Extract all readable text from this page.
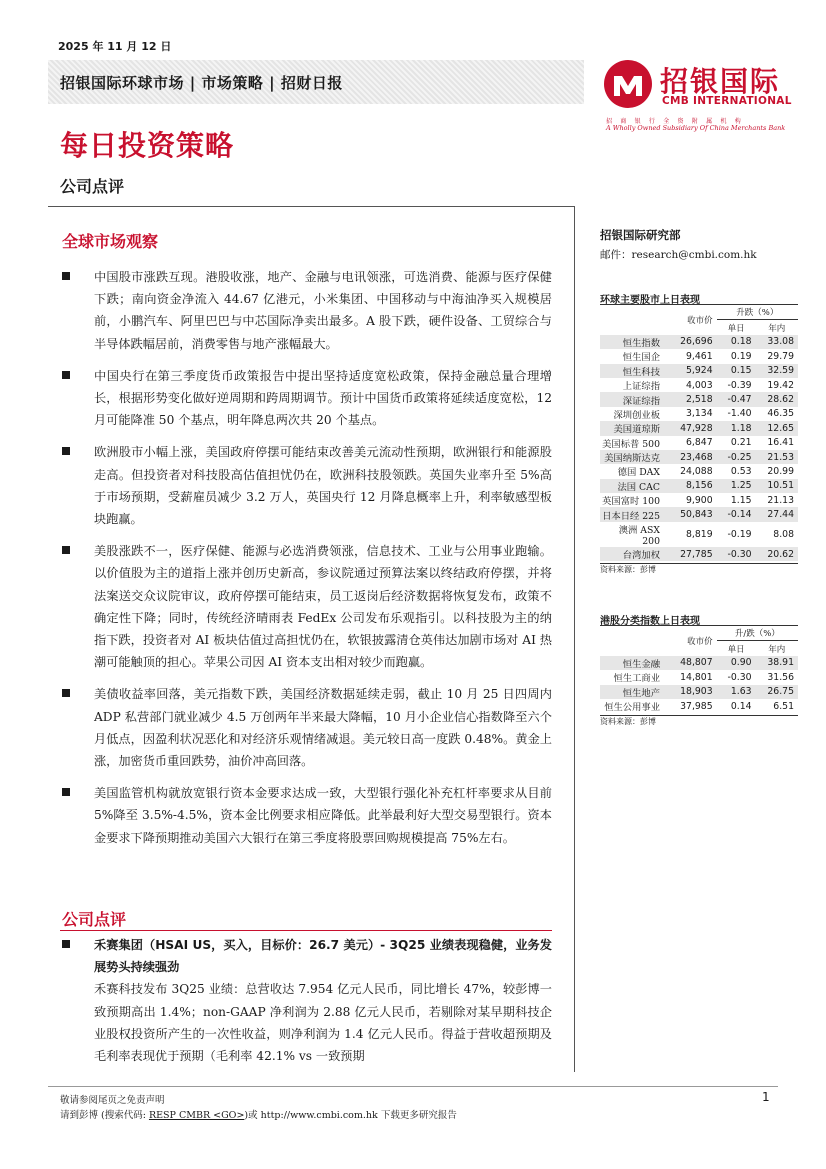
2025 年 11 月 12 日
招银国际环球市场 | 市场策略 | 招财日报	招银国际
CMB INTERNATIONAL
招 商 银 行 全 资 附 属 机 构
A Wholly Owned Subsidiary Of China Merchants Bank
每日投资策略
公司点评
全球市场观察
中国股市涨跌互现。港股收涨，地产、金融与电讯领涨，可选消费、能源与医疗保健下跌；南向资金净流入 44.67 亿港元，小米集团、中国移动与中海油净买入规模居前，小鹏汽车、阿里巴巴与中芯国际净卖出最多。A 股下跌，硬件设备、工贸综合与半导体跌幅居前，消费零售与地产涨幅最大。
中国央行在第三季度货币政策报告中提出坚持适度宽松政策，保持金融总量合理增长，根据形势变化做好逆周期和跨周期调节。预计中国货币政策将延续适度宽松，12 月可能降准 50 个基点，明年降息两次共 20 个基点。
欧洲股市小幅上涨，美国政府停摆可能结束改善美元流动性预期，欧洲银行和能源股走高。但投资者对科技股高估值担忧仍在，欧洲科技股领跌。英国失业率升至 5%高于市场预期，受薪雇员减少 3.2 万人，英国央行 12 月降息概率上升，利率敏感型板块跑赢。
美股涨跌不一，医疗保健、能源与必选消费领涨，信息技术、工业与公用事业跑输。以价值股为主的道指上涨并创历史新高，参议院通过预算法案以终结政府停摆，并将法案送交众议院审议，政府停摆可能结束，员工返岗后经济数据将恢复发布，政策不确定性下降；同时，传统经济晴雨表 FedEx 公司发布乐观指引。以科技股为主的纳指下跌，投资者对 AI 板块估值过高担忧仍在，软银披露清仓英伟达加剧市场对 AI 热潮可能触顶的担心。苹果公司因 AI 资本支出相对较少而跑赢。
美债收益率回落，美元指数下跌，美国经济数据延续走弱，截止 10 月 25 日四周内 ADP 私营部门就业减少 4.5 万创两年半来最大降幅，10 月小企业信心指数降至六个月低点，因盈利状况恶化和对经济乐观情绪减退。美元较日高一度跌 0.48%。黄金上涨，加密货币重回跌势，油价冲高回落。
美国监管机构就放宽银行资本金要求达成一致，大型银行强化补充杠杆率要求从目前 5%降至 3.5%-4.5%，资本金比例要求相应降低。此举最利好大型交易型银行。资本金要求下降预期推动美国六大银行在第三季度将股票回购规模提高 75%左右。
公司点评
禾赛集团（HSAI US，买入，目标价：26.7 美元）- 3Q25 业绩表现稳健，业务发展势头持续强劲
禾赛科技发布 3Q25 业绩：总营收达 7.954 亿元人民币，同比增长 47%，较彭博一致预期高出 1.4%；non-GAAP 净利润为 2.88 亿元人民币，若剔除对某早期科技企业股权投资所产生的一次性收益，则净利润为 1.4 亿元人民币。得益于营收超预期及毛利率表现优于预期（毛利率 42.1% vs 一致预期
招银国际研究部
邮件：research@cmbi.com.hk
环球主要股市上日表现
	收市价	升跌（%）	
		单日	年内
恒生指数	26,696	0.18	33.08
恒生国企	9,461	0.19	29.79
恒生科技	5,924	0.15	32.59
上证综指	4,003	-0.39	19.42
深证综指	2,518	-0.47	28.62
深圳创业板	3,134	-1.40	46.35
美国道琼斯	47,928	1.18	12.65
美国标普 500	6,847	0.21	16.41
美国纳斯达克	23,468	-0.25	21.53
德国 DAX	24,088	0.53	20.99
法国 CAC	8,156	1.25	10.51
英国富时 100	9,900	1.15	21.13
日本日经 225	50,843	-0.14	27.44
澳洲 ASX 200	8,819	-0.19	8.08
台湾加权	27,785	-0.30	20.62
资料来源：彭博
港股分类指数上日表现
	收市价	升/跌（%）	
		单日	年内
恒生金融	48,807	0.90	38.91
恒生工商业	14,801	-0.30	31.56
恒生地产	18,903	1.63	26.75
恒生公用事业	37,985	0.14	6.51
资料来源：彭博
敬请参阅尾页之免责声明
请到彭博 (搜索代码: RESP CMBR <GO>)或 http://www.cmbi.com.hk 下载更多研究报告
1
